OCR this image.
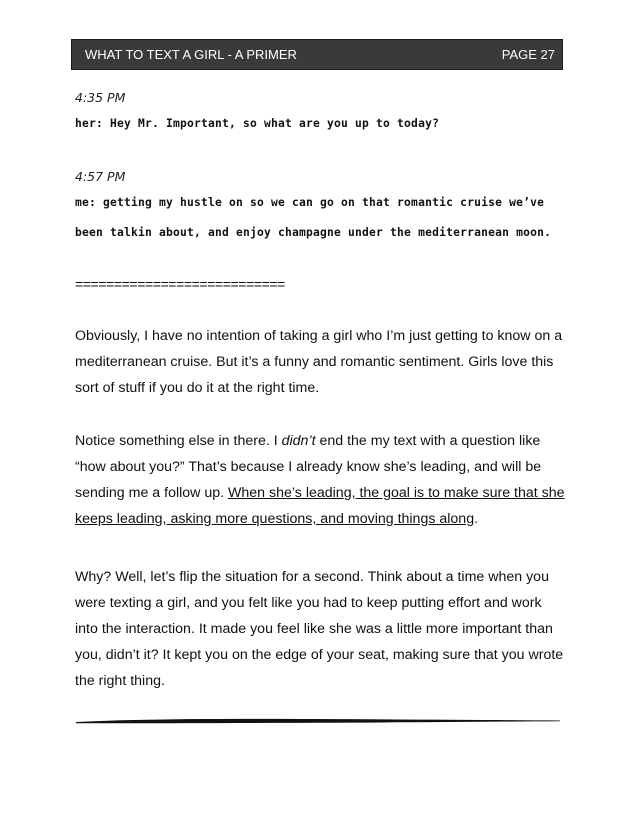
WHAT TO TEXT A GIRL - A PRIMER	PAGE 27
4:35 PM
her: Hey Mr. Important, so what are you up to today?
4:57 PM
me: getting my hustle on so we can go on that romantic cruise we’ve
been talkin about, and enjoy champagne under the mediterranean moon.
===========================

Obviously, I have no intention of taking a girl who I’m just getting to know on a mediterranean cruise. But it’s a funny and romantic sentiment. Girls love this sort of stuff if you do it at the right time.

Notice something else in there. I didn’t end the my text with a question like “how about you?” That’s because I already know she’s leading, and will be sending me a follow up. When she’s leading, the goal is to make sure that she keeps leading, asking more questions, and moving things along.

Why? Well, let’s flip the situation for a second. Think about a time when you were texting a girl, and you felt like you had to keep putting effort and work into the interaction. It made you feel like she was a little more important than you, didn’t it? It kept you on the edge of your seat, making sure that you wrote the right thing.
